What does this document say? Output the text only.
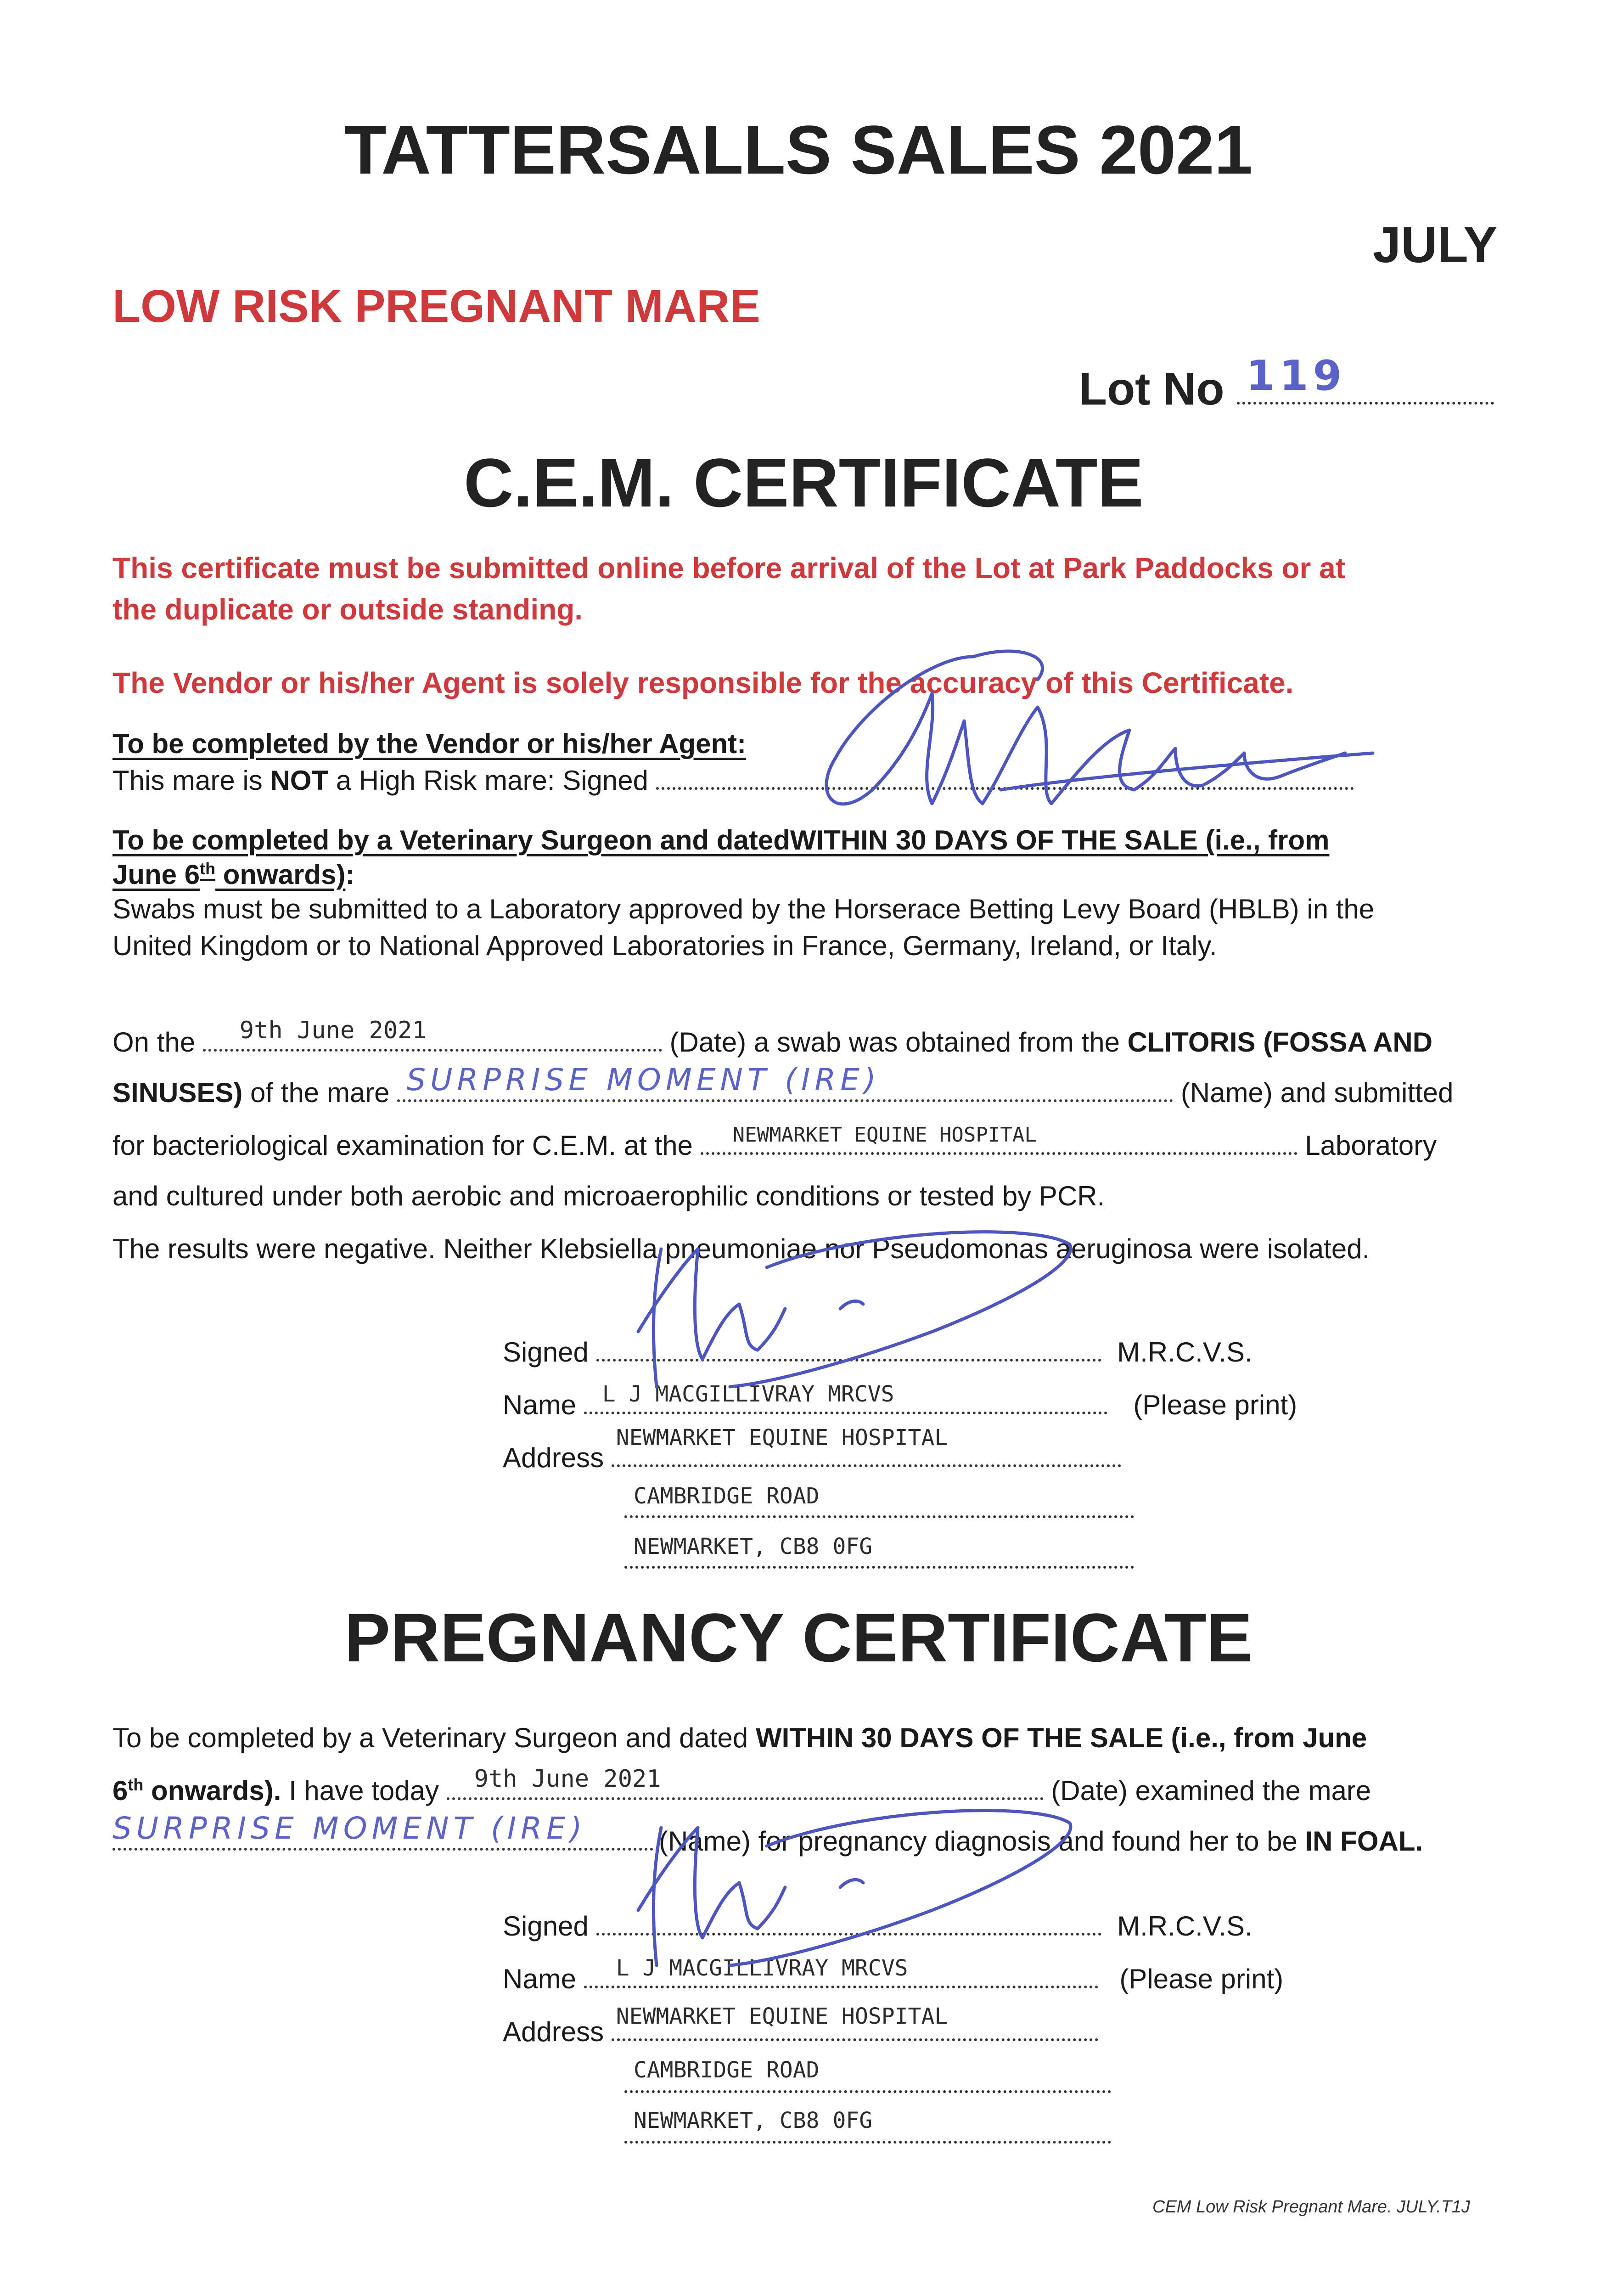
TATTERSALLS SALES 2021
JULY
LOW RISK PREGNANT MARE
Lot No 119
C.E.M. CERTIFICATE
This certificate must be submitted online before arrival of the Lot at Park Paddocks or at
the duplicate or outside standing.
The Vendor or his/her Agent is solely responsible for the accuracy of this Certificate.
To be completed by the Vendor or his/her Agent:
This mare is NOT a High Risk mare: Signed
To be completed by a Veterinary Surgeon and datedWITHIN 30 DAYS OF THE SALE (i.e., from
June 6th onwards):
Swabs must be submitted to a Laboratory approved by the Horserace Betting Levy Board (HBLB) in the
United Kingdom or to National Approved Laboratories in France, Germany, Ireland, or Italy.
On the 9th June 2021	(Date) a swab was obtained from the CLITORIS (FOSSA AND
SINUSES) of the mare SURPRISE MOMENT (IRE)	(Name) and submitted
for bacteriological examination for C.E.M. at the NEWMARKET EQUINE HOSPITAL	Laboratory
and cultured under both aerobic and microaerophilic conditions or tested by PCR.
The results were negative. Neither Klebsiella pneumoniae nor Pseudomonas aeruginosa were isolated.
Signed	M.R.C.V.S.
Name L J MACGILLIVRAY MRCVS	(Please print)
Address
NEWMARKET EQUINE HOSPITAL
CAMBRIDGE ROAD
NEWMARKET, CB8 0FG
PREGNANCY CERTIFICATE
To be completed by a Veterinary Surgeon and dated WITHIN 30 DAYS OF THE SALE (i.e., from June
6th onwards). I have today 9th June 2021	(Date) examined the mare
SURPRISE MOMENT (IRE)	(Name) for pregnancy diagnosis and found her to be IN FOAL.
Signed	M.R.C.V.S.
Name L J MACGILLIVRAY MRCVS	(Please print)
Address NEWMARKET EQUINE HOSPITAL
CAMBRIDGE ROAD
NEWMARKET, CB8 0FG
CEM Low Risk Pregnant Mare. JULY.T1J
